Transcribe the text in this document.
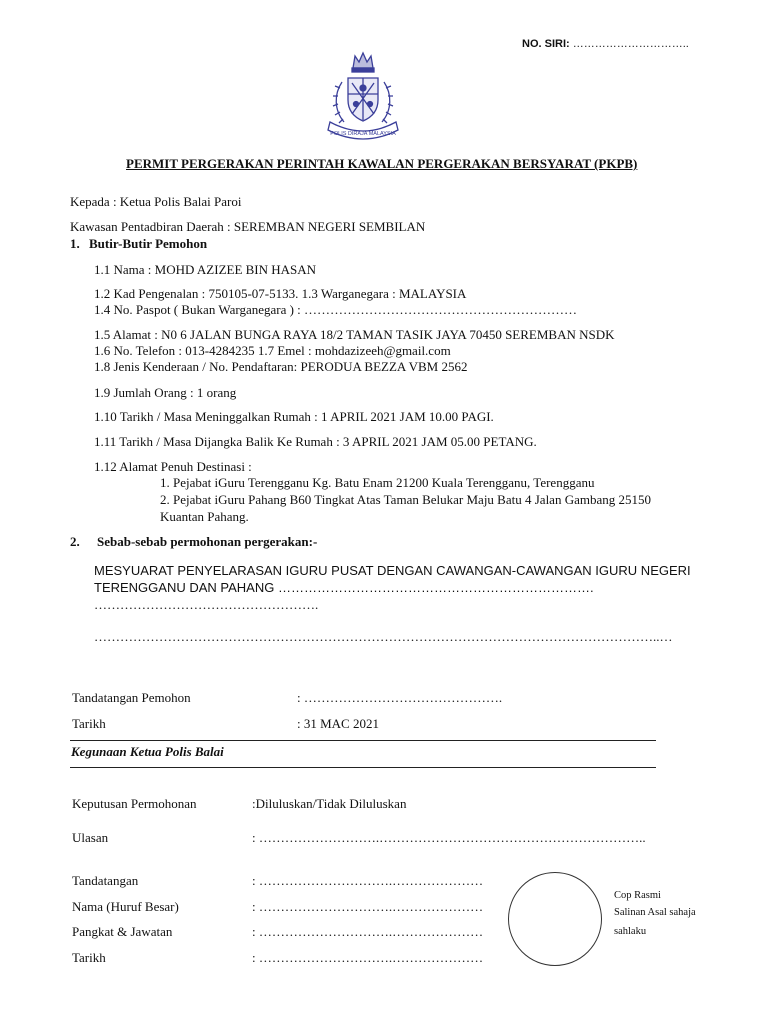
NO. SIRI: …………………………..
POLIS DIRAJA MALAYSIA
PERMIT PERGERAKAN PERINTAH KAWALAN PERGERAKAN BERSYARAT (PKPB)
Kepada : Ketua Polis Balai Paroi
Kawasan Pentadbiran Daerah : SEREMBAN NEGERI SEMBILAN
1. Butir-Butir Pemohon
1.1 Nama : MOHD AZIZEE BIN HASAN
1.2 Kad Pengenalan : 750105-07-5133. 1.3 Warganegara : MALAYSIA
1.4 No. Paspot ( Bukan Warganegara ) : ………………………………………………………
1.5 Alamat : N0 6 JALAN BUNGA RAYA 18/2 TAMAN TASIK JAYA 70450 SEREMBAN NSDK
1.6 No. Telefon : 013-4284235 1.7 Emel : mohdazizeeh@gmail.com
1.8 Jenis Kenderaan / No. Pendaftaran: PERODUA BEZZA VBM 2562
1.9 Jumlah Orang : 1 orang
1.10 Tarikh / Masa Meninggalkan Rumah : 1 APRIL 2021 JAM 10.00 PAGI.
1.11 Tarikh / Masa Dijangka Balik Ke Rumah : 3 APRIL 2021 JAM 05.00 PETANG.
1.12 Alamat Penuh Destinasi :
1. Pejabat iGuru Terengganu Kg. Batu Enam 21200 Kuala Terengganu, Terengganu
2. Pejabat iGuru Pahang B60 Tingkat Atas Taman Belukar Maju Batu 4 Jalan Gambang 25150
Kuantan Pahang.
2. Sebab-sebab permohonan pergerakan:-
MESYUARAT PENYELARASAN IGURU PUSAT DENGAN CAWANGAN-CAWANGAN IGURU NEGERI
TERENGGANU DAN PAHANG ……………………………………………………………….
…………………………………………….
…………………………………………………………………………………………………………………..…
Tandatangan Pemohon	: ……………………………………….
Tarikh	: 31 MAC 2021
Kegunaan Ketua Polis Balai
Keputusan Permohonan	:Diluluskan/Tidak Diluluskan
Ulasan	: ……………………….……………………………………………………..
Tandatangan	: ………………………….…………………
Nama (Huruf Besar)	: ………………………….…………………
Pangkat & Jawatan	: ………………………….…………………
Tarikh	: ………………………….…………………
Cop Rasmi
Salinan Asal sahaja
sahlaku
